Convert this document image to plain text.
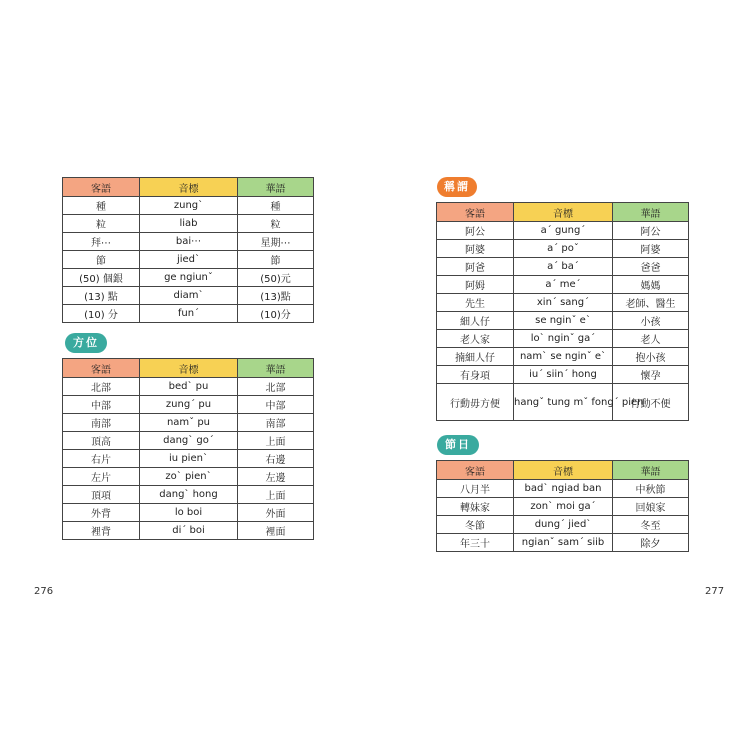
客語	音標	華語
種	zung`	種
粒	liab	粒
拜⋯	bai⋯	星期⋯
節	jied`	節
(50) 個銀	ge ngiunˇ	(50)元
(13) 點	diam`	(13)點
(10) 分	funˊ	(10)分
方位
客語	音標	華語
北部	bed` pu	北部
中部	zungˊ pu	中部
南部	namˇ pu	南部
頂高	dangˋ goˊ	上面
右片	iu pien`	右邊
左片	zoˋ pien`	左邊
頂項	dangˋ hong	上面
外背	lo boi	外面
裡背	diˊ boi	裡面
276
稱謂
客語	音標	華語
阿公	aˊ gungˊ	阿公
阿婆	aˊ poˇ	阿婆
阿爸	aˊ baˊ	爸爸
阿姆	aˊ meˊ	媽媽
先生	xinˊ sangˊ	老師、醫生
細人仔	se nginˇ e`	小孩
老人家	lo` nginˇ gaˊ	老人
揇細人仔	nam` se nginˇ e`	抱小孩
有身項	iuˊ siinˊ hong	懷孕
行動毋方便	hangˇ tung mˇ fongˊ pien	行動不便
節日
客語	音標	華語
八月半	bad` ngiad ban	中秋節
轉妹家	zon` moi gaˊ	回娘家
冬節	dungˊ jied`	冬至
年三十	ngianˇ samˊ siib	除夕
277
